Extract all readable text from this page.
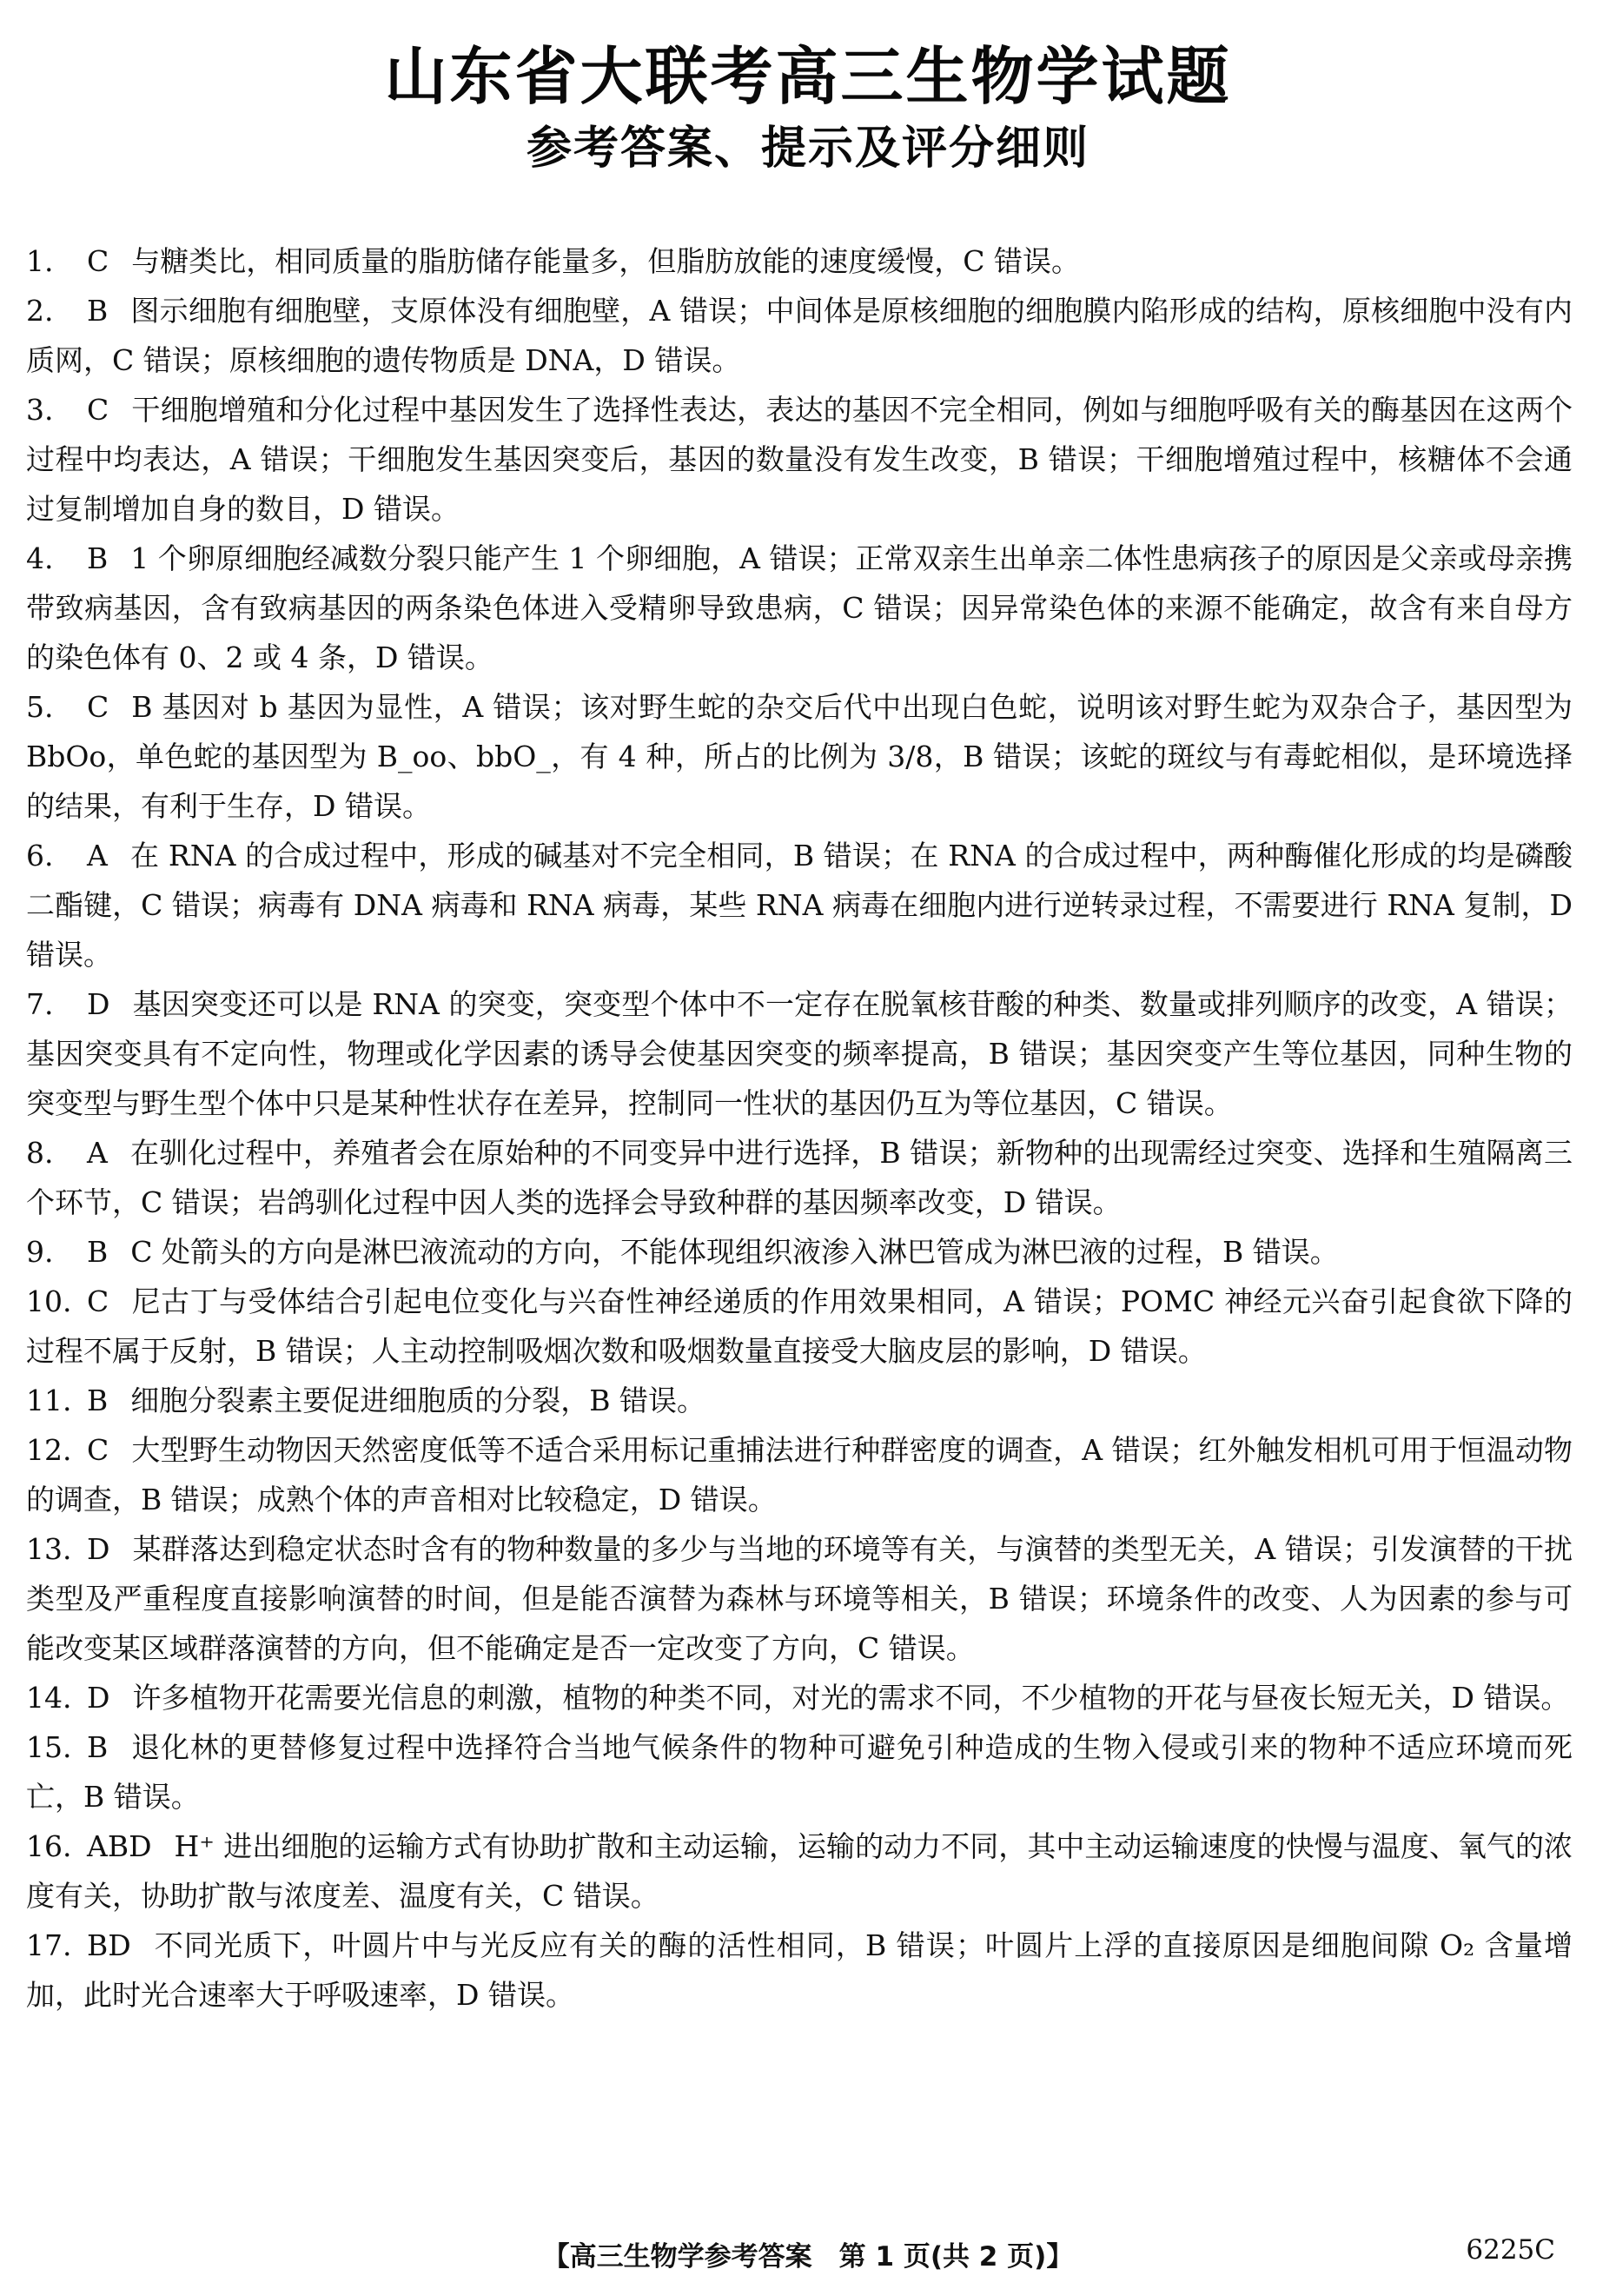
山东省大联考高三生物学试题
参考答案、提示及评分细则

1. C 与糖类比，相同质量的脂肪储存能量多，但脂肪放能的速度缓慢，C 错误。

2. B 图示细胞有细胞壁，支原体没有细胞壁，A 错误；中间体是原核细胞的细胞膜内陷形成的结构，原核细胞中没有内质网，C 错误；原核细胞的遗传物质是 DNA，D 错误。

3. C 干细胞增殖和分化过程中基因发生了选择性表达，表达的基因不完全相同，例如与细胞呼吸有关的酶基因在这两个过程中均表达，A 错误；干细胞发生基因突变后，基因的数量没有发生改变，B 错误；干细胞增殖过程中，核糖体不会通过复制增加自身的数目，D 错误。

4. B 1 个卵原细胞经减数分裂只能产生 1 个卵细胞，A 错误；正常双亲生出单亲二体性患病孩子的原因是父亲或母亲携带致病基因，含有致病基因的两条染色体进入受精卵导致患病，C 错误；因异常染色体的来源不能确定，故含有来自母方的染色体有 0、2 或 4 条，D 错误。

5. C B 基因对 b 基因为显性，A 错误；该对野生蛇的杂交后代中出现白色蛇，说明该对野生蛇为双杂合子，基因型为 BbOo，单色蛇的基因型为 B_oo、bbO_，有 4 种，所占的比例为 3/8，B 错误；该蛇的斑纹与有毒蛇相似，是环境选择的结果，有利于生存，D 错误。

6. A 在 RNA 的合成过程中，形成的碱基对不完全相同，B 错误；在 RNA 的合成过程中，两种酶催化形成的均是磷酸二酯键，C 错误；病毒有 DNA 病毒和 RNA 病毒，某些 RNA 病毒在细胞内进行逆转录过程，不需要进行 RNA 复制，D 错误。

7. D 基因突变还可以是 RNA 的突变，突变型个体中不一定存在脱氧核苷酸的种类、数量或排列顺序的改变，A 错误；基因突变具有不定向性，物理或化学因素的诱导会使基因突变的频率提高，B 错误；基因突变产生等位基因，同种生物的突变型与野生型个体中只是某种性状存在差异，控制同一性状的基因仍互为等位基因，C 错误。

8. A 在驯化过程中，养殖者会在原始种的不同变异中进行选择，B 错误；新物种的出现需经过突变、选择和生殖隔离三个环节，C 错误；岩鸽驯化过程中因人类的选择会导致种群的基因频率改变，D 错误。

9. B C 处箭头的方向是淋巴液流动的方向，不能体现组织液渗入淋巴管成为淋巴液的过程，B 错误。

10. C 尼古丁与受体结合引起电位变化与兴奋性神经递质的作用效果相同，A 错误；POMC 神经元兴奋引起食欲下降的过程不属于反射，B 错误；人主动控制吸烟次数和吸烟数量直接受大脑皮层的影响，D 错误。

11. B 细胞分裂素主要促进细胞质的分裂，B 错误。

12. C 大型野生动物因天然密度低等不适合采用标记重捕法进行种群密度的调查，A 错误；红外触发相机可用于恒温动物的调查，B 错误；成熟个体的声音相对比较稳定，D 错误。

13. D 某群落达到稳定状态时含有的物种数量的多少与当地的环境等有关，与演替的类型无关，A 错误；引发演替的干扰类型及严重程度直接影响演替的时间，但是能否演替为森林与环境等相关，B 错误；环境条件的改变、人为因素的参与可能改变某区域群落演替的方向，但不能确定是否一定改变了方向，C 错误。

14. D 许多植物开花需要光信息的刺激，植物的种类不同，对光的需求不同，不少植物的开花与昼夜长短无关，D 错误。

15. B 退化林的更替修复过程中选择符合当地气候条件的物种可避免引种造成的生物入侵或引来的物种不适应环境而死亡，B 错误。

16. ABD H⁺ 进出细胞的运输方式有协助扩散和主动运输，运输的动力不同，其中主动运输速度的快慢与温度、氧气的浓度有关，协助扩散与浓度差、温度有关，C 错误。

17. BD 不同光质下，叶圆片中与光反应有关的酶的活性相同，B 错误；叶圆片上浮的直接原因是细胞间隙 O₂ 含量增加，此时光合速率大于呼吸速率，D 错误。

【高三生物学参考答案　第 1 页(共 2 页)】	6225C
